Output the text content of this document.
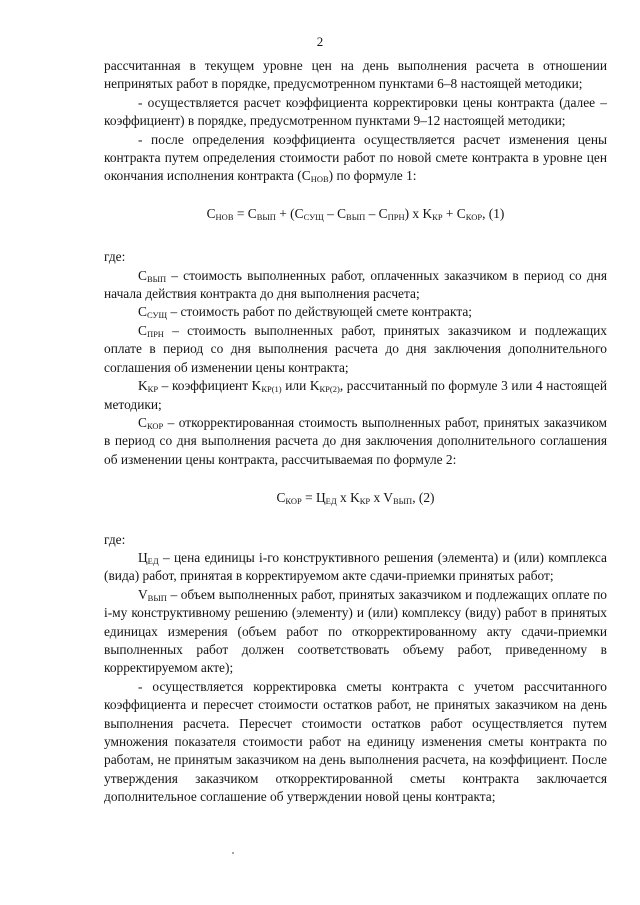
2

рассчитанная в текущем уровне цен на день выполнения расчета в отношении непринятых работ в порядке, предусмотренном пунктами 6–8 настоящей методики;

- осуществляется расчет коэффициента корректировки цены контракта (далее – коэффициент) в порядке, предусмотренном пунктами 9–12 настоящей методики;

- после определения коэффициента осуществляется расчет изменения цены контракта путем определения стоимости работ по новой смете контракта в уровне цен окончания исполнения контракта $(C_{НОВ})$ по формуле 1:

$C_{НОВ} = C_{ВЫП} + (C_{СУЩ} - C_{ВЫП} - C_{ПРН})$ x $K_{КР} + C_{КОР}$, (1)

где:

$C_{ВЫП}$ – стоимость выполненных работ, оплаченных заказчиком в период со дня начала действия контракта до дня выполнения расчета;

$C_{СУЩ}$ – стоимость работ по действующей смете контракта;

$C_{ПРН}$ – стоимость выполненных работ, принятых заказчиком и подлежащих оплате в период со дня выполнения расчета до дня заключения дополнительного соглашения об изменении цены контракта;

$K_{КР}$ – коэффициент $K_{КР(1)}$ или $K_{КР(2)}$, рассчитанный по формуле 3 или 4 настоящей методики;

$C_{КОР}$ – откорректированная стоимость выполненных работ, принятых заказчиком в период со дня выполнения расчета до дня заключения дополнительного соглашения об изменении цены контракта, рассчитываемая по формуле 2:

$C_{КОР} = Ц_{ЕД}$ x $K_{КР}$ x $V_{ВЫП}$, (2)

где:

$Ц_{ЕД}$ – цена единицы i-го конструктивного решения (элемента) и (или) комплекса (вида) работ, принятая в корректируемом акте сдачи-приемки принятых работ;

$V_{ВЫП}$ – объем выполненных работ, принятых заказчиком и подлежащих оплате по i-му конструктивному решению (элементу) и (или) комплексу (виду) работ в принятых единицах измерения (объем работ по откорректированному акту сдачи-приемки выполненных работ должен соответствовать объему работ, приведенному в корректируемом акте);

- осуществляется корректировка сметы контракта с учетом рассчитанного коэффициента и пересчет стоимости остатков работ, не принятых заказчиком на день выполнения расчета. Пересчет стоимости остатков работ осуществляется путем умножения показателя стоимости работ на единицу изменения сметы контракта по работам, не принятым заказчиком на день выполнения расчета, на коэффициент. После утверждения заказчиком откорректированной сметы контракта заключается дополнительное соглашение об утверждении новой цены контракта;
